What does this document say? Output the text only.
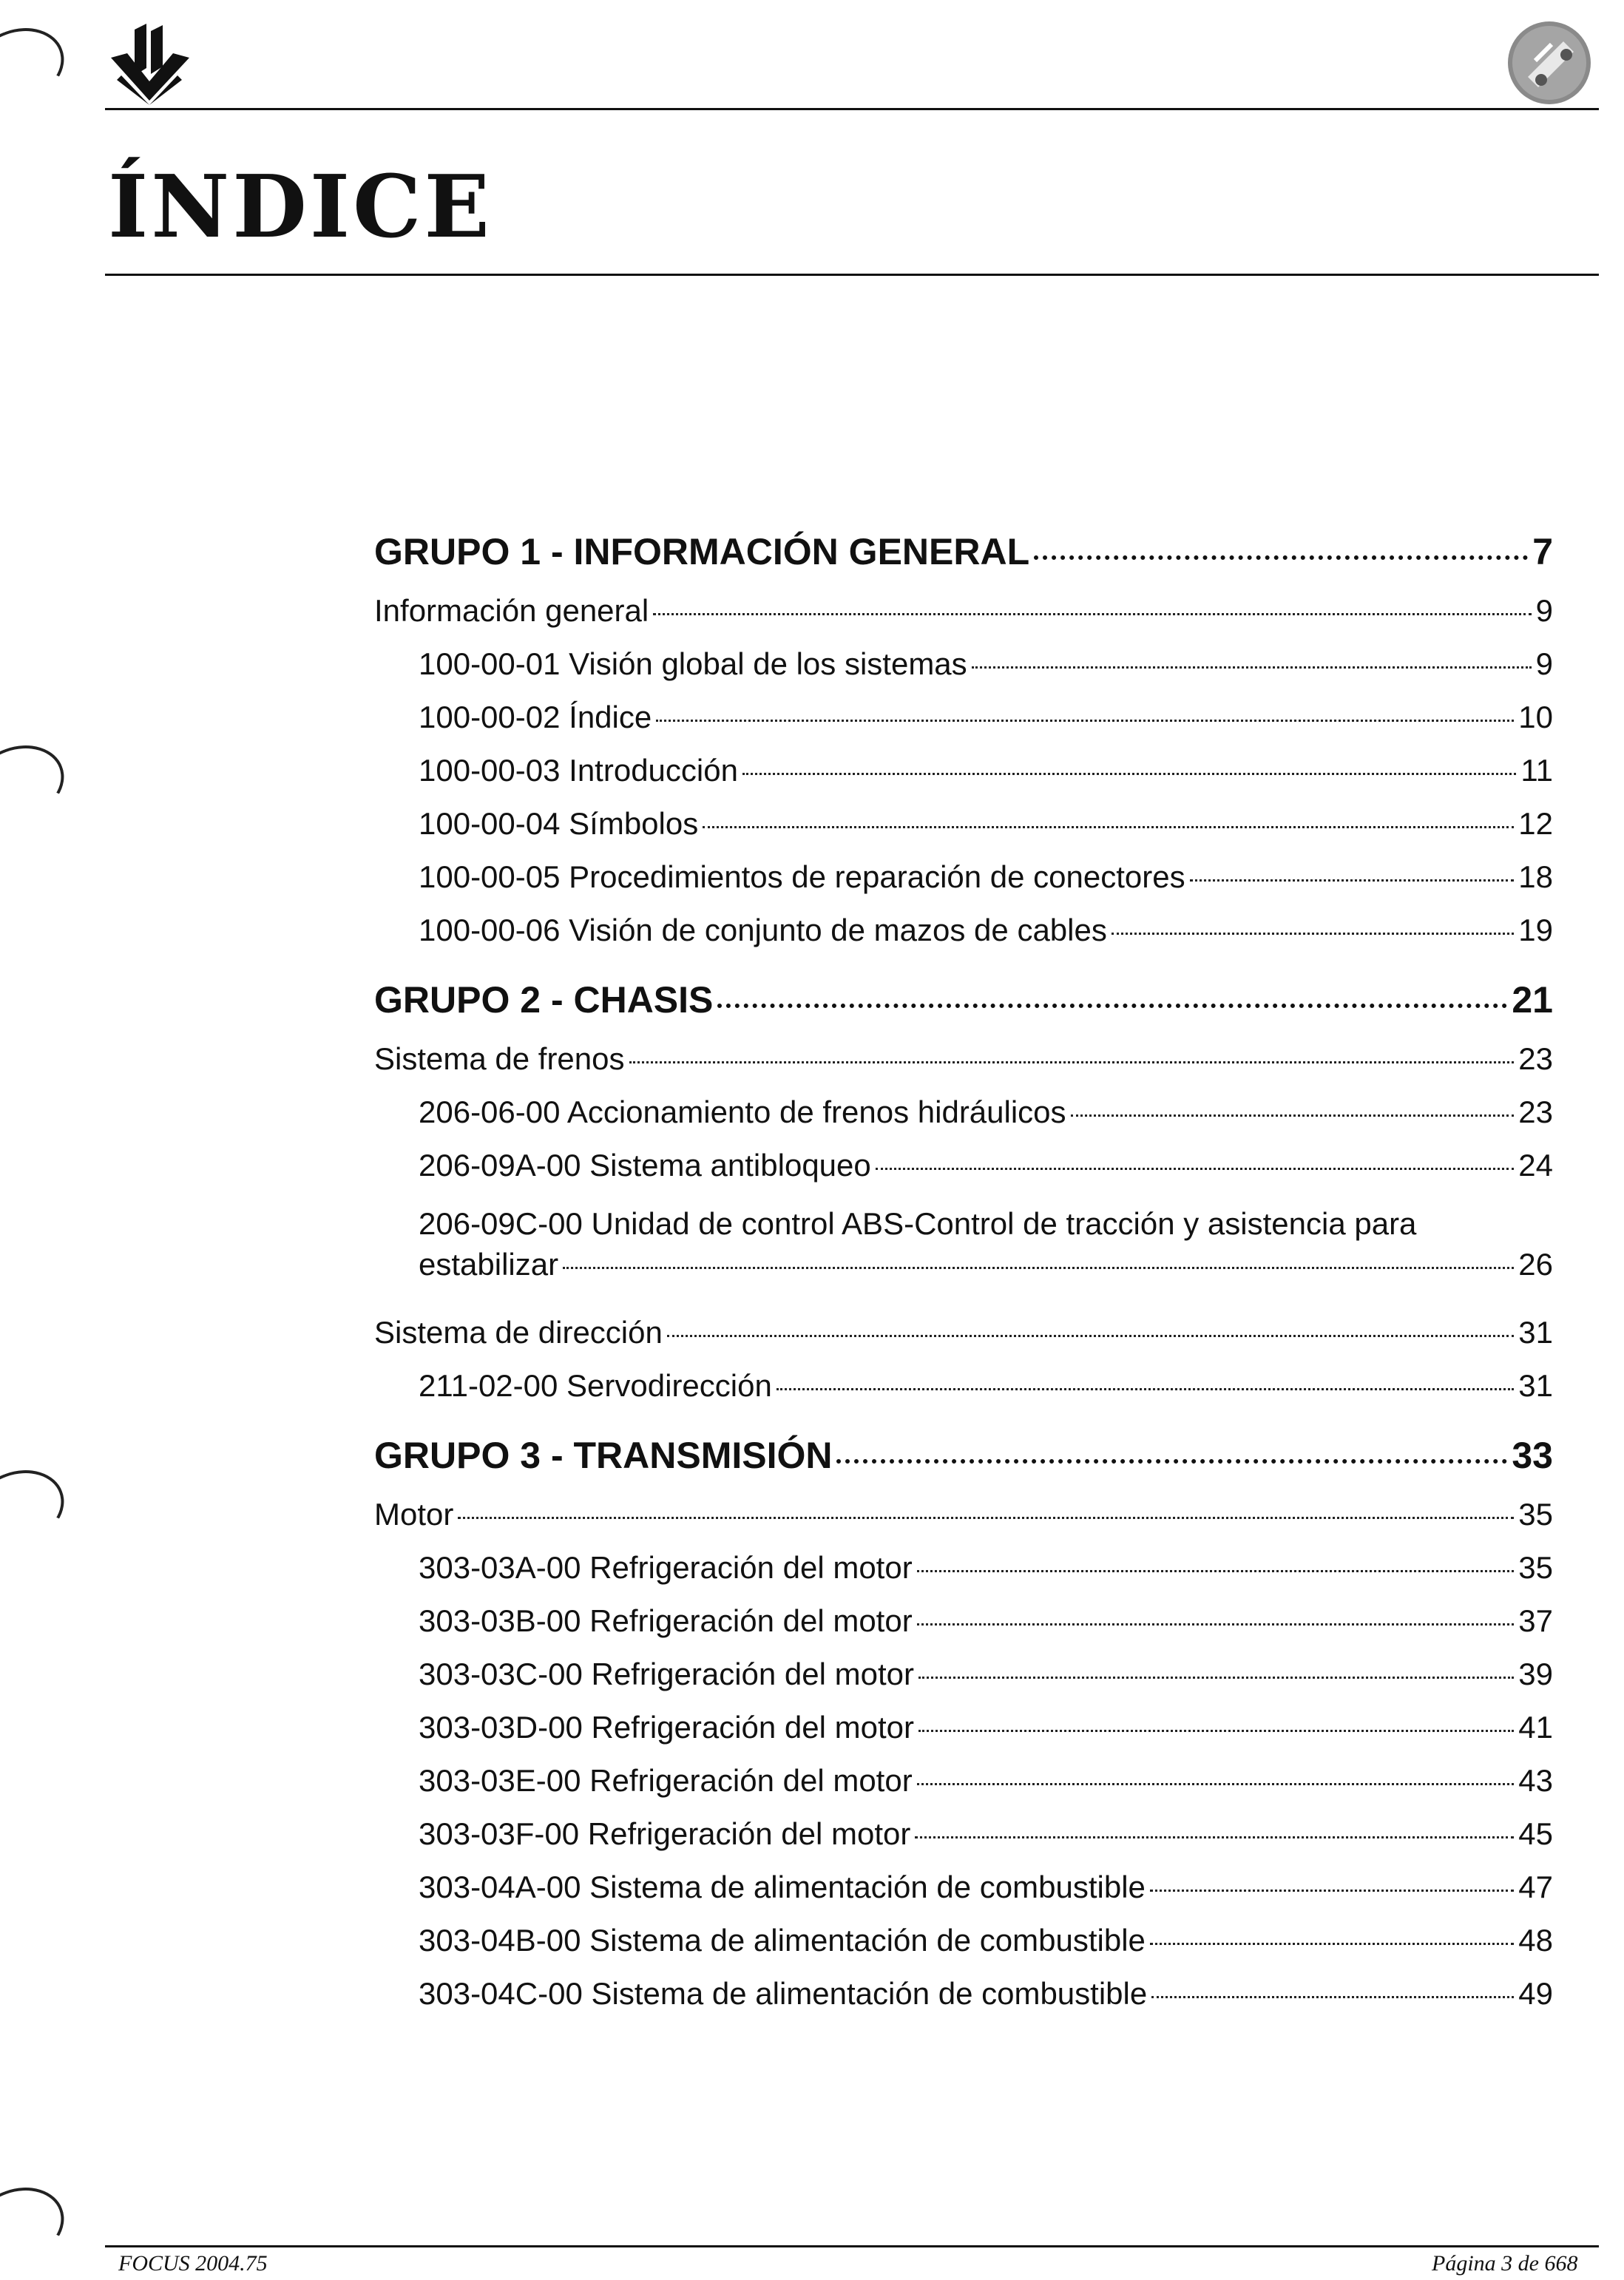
ÍNDICE
GRUPO 1 - INFORMACIÓN GENERAL	7
Información general	9
100-00-01 Visión global de los sistemas	9
100-00-02 Índice	10
100-00-03 Introducción	11
100-00-04 Símbolos	12
100-00-05 Procedimientos de reparación de conectores	18
100-00-06 Visión de conjunto de mazos de cables	19
GRUPO 2 - CHASIS	21
Sistema de frenos	23
206-06-00 Accionamiento de frenos hidráulicos	23
206-09A-00 Sistema antibloqueo	24
206-09C-00 Unidad de control ABS-Control de tracción y asistencia para
estabilizar	26
Sistema de dirección	31
211-02-00 Servodirección	31
GRUPO 3 - TRANSMISIÓN	33
Motor	35
303-03A-00 Refrigeración del motor	35
303-03B-00 Refrigeración del motor	37
303-03C-00 Refrigeración del motor	39
303-03D-00 Refrigeración del motor	41
303-03E-00 Refrigeración del motor	43
303-03F-00 Refrigeración del motor	45
303-04A-00 Sistema de alimentación de combustible	47
303-04B-00 Sistema de alimentación de combustible	48
303-04C-00 Sistema de alimentación de combustible	49
FOCUS 2004.75	Página 3 de 668
